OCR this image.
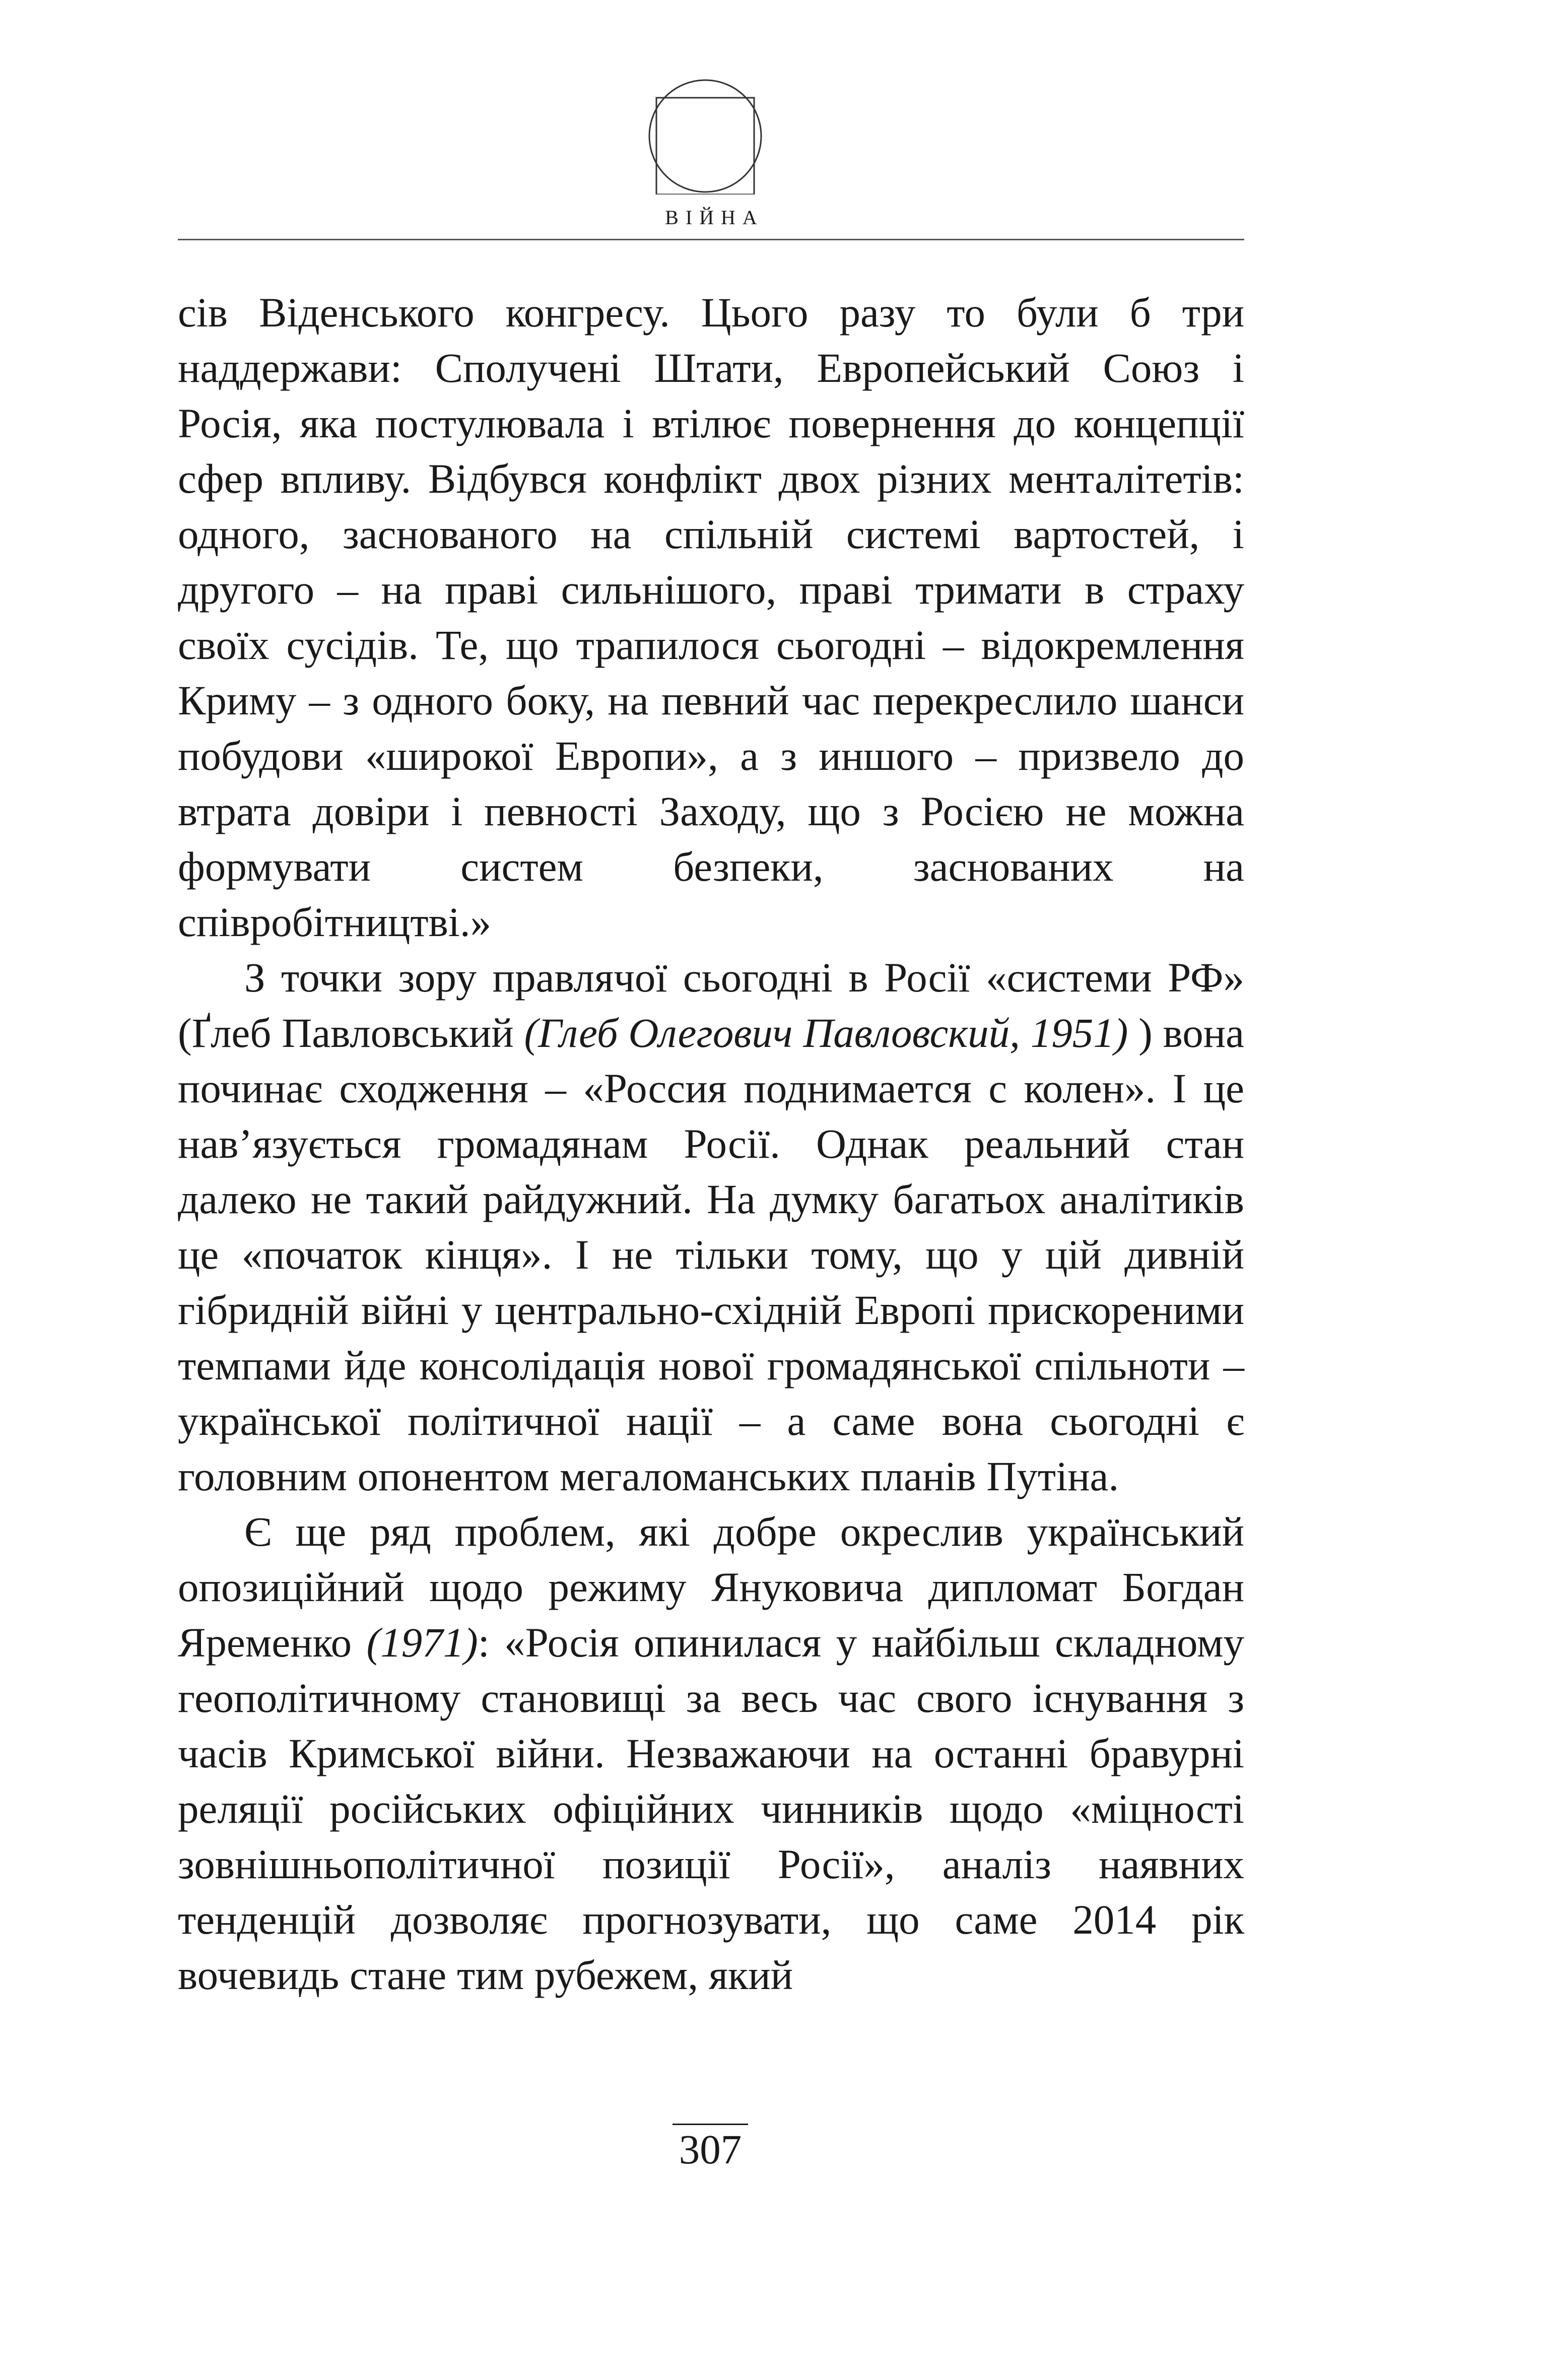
ВІЙНА

сів Віденського конгресу. Цього разу то були б три наддержави: Сполучені Штати, Европейський Союз і Росія, яка постулювала і втілює повернення до концепції сфер впливу. Відбувся конфлікт двох різних менталітетів: одного, заснованого на спільній системі вартостей, і другого – на праві сильнішого, праві тримати в страху своїх сусідів. Те, що трапилося сьогодні – відокремлення Криму – з одного боку, на певний час перекреслило шанси побудови «широкої Европи», а з иншого – призвело до втрата довіри і певності Заходу, що з Росією не можна формувати систем безпеки, заснованих на співробітництві.»

З точки зору правлячої сьогодні в Росії «системи РФ» (Ґлеб Павловський (Глеб Олегович Павловский, 1951) ) вона починає сходження – «Россия поднимается с колен». І це нав’язується громадянам Росії. Однак реальний стан далеко не такий райдужний. На думку багатьох аналітиків це «початок кінця». І не тільки тому, що у цій дивній гібридній війні у центрально-східній Европі прискореними темпами йде консолідація нової громадянської спільноти – української політичної нації – а саме вона сьогодні є головним опонентом мегаломанських планів Путіна.

Є ще ряд проблем, які добре окреслив український опозиційний щодо режиму Януковича дипломат Богдан Яременко (1971): «Росія опинилася у найбільш складному геополітичному становищі за весь час свого існування з часів Кримської війни. Незважаючи на останні бравурні реляції російських офіційних чинників щодо «міцності зовнішньополітичної позиції Росії», аналіз наявних тенденцій дозволяє прогнозувати, що саме 2014 рік вочевидь стане тим рубежем, який

307
